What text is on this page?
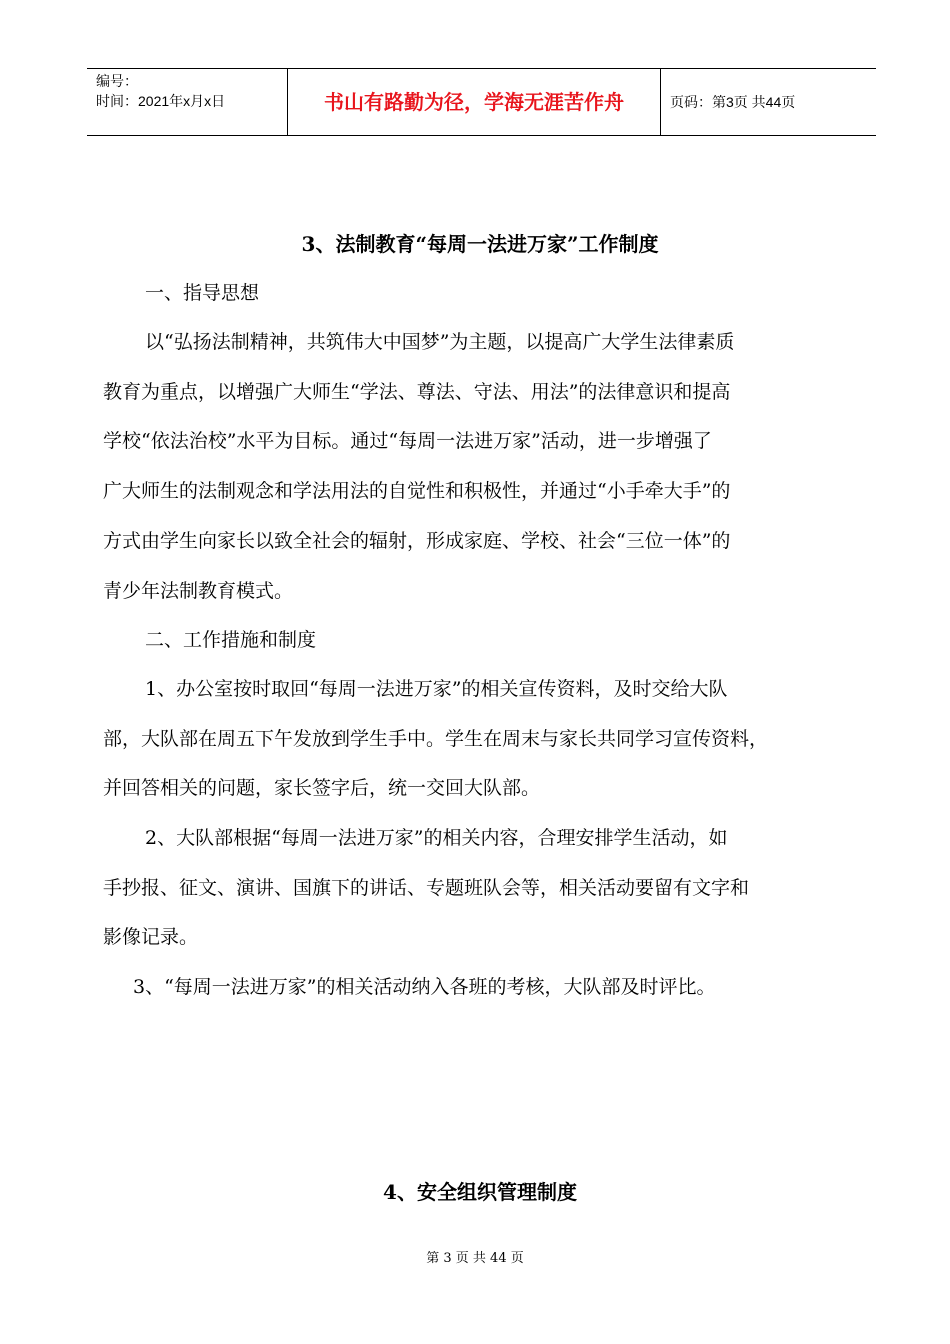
编号：
时间：2021年x月x日	书山有路勤为径，学海无涯苦作舟	页码：第3页 共44页
3、法制教育“每周一法进万家”工作制度
一、指导思想
以“弘扬法制精神，共筑伟大中国梦”为主题，以提高广大学生法律素质
教育为重点，以增强广大师生“学法、尊法、守法、用法”的法律意识和提高
学校“依法治校”水平为目标。通过“每周一法进万家”活动，进一步增强了
广大师生的法制观念和学法用法的自觉性和积极性，并通过“小手牵大手”的
方式由学生向家长以致全社会的辐射，形成家庭、学校、社会“三位一体”的
青少年法制教育模式。
二、工作措施和制度
1、办公室按时取回“每周一法进万家”的相关宣传资料，及时交给大队
部，大队部在周五下午发放到学生手中。学生在周末与家长共同学习宣传资料，
并回答相关的问题，家长签字后，统一交回大队部。
2、大队部根据“每周一法进万家”的相关内容，合理安排学生活动，如
手抄报、征文、演讲、国旗下的讲话、专题班队会等，相关活动要留有文字和
影像记录。
3、“每周一法进万家”的相关活动纳入各班的考核，大队部及时评比。
4、安全组织管理制度
第 3 页 共 44 页
